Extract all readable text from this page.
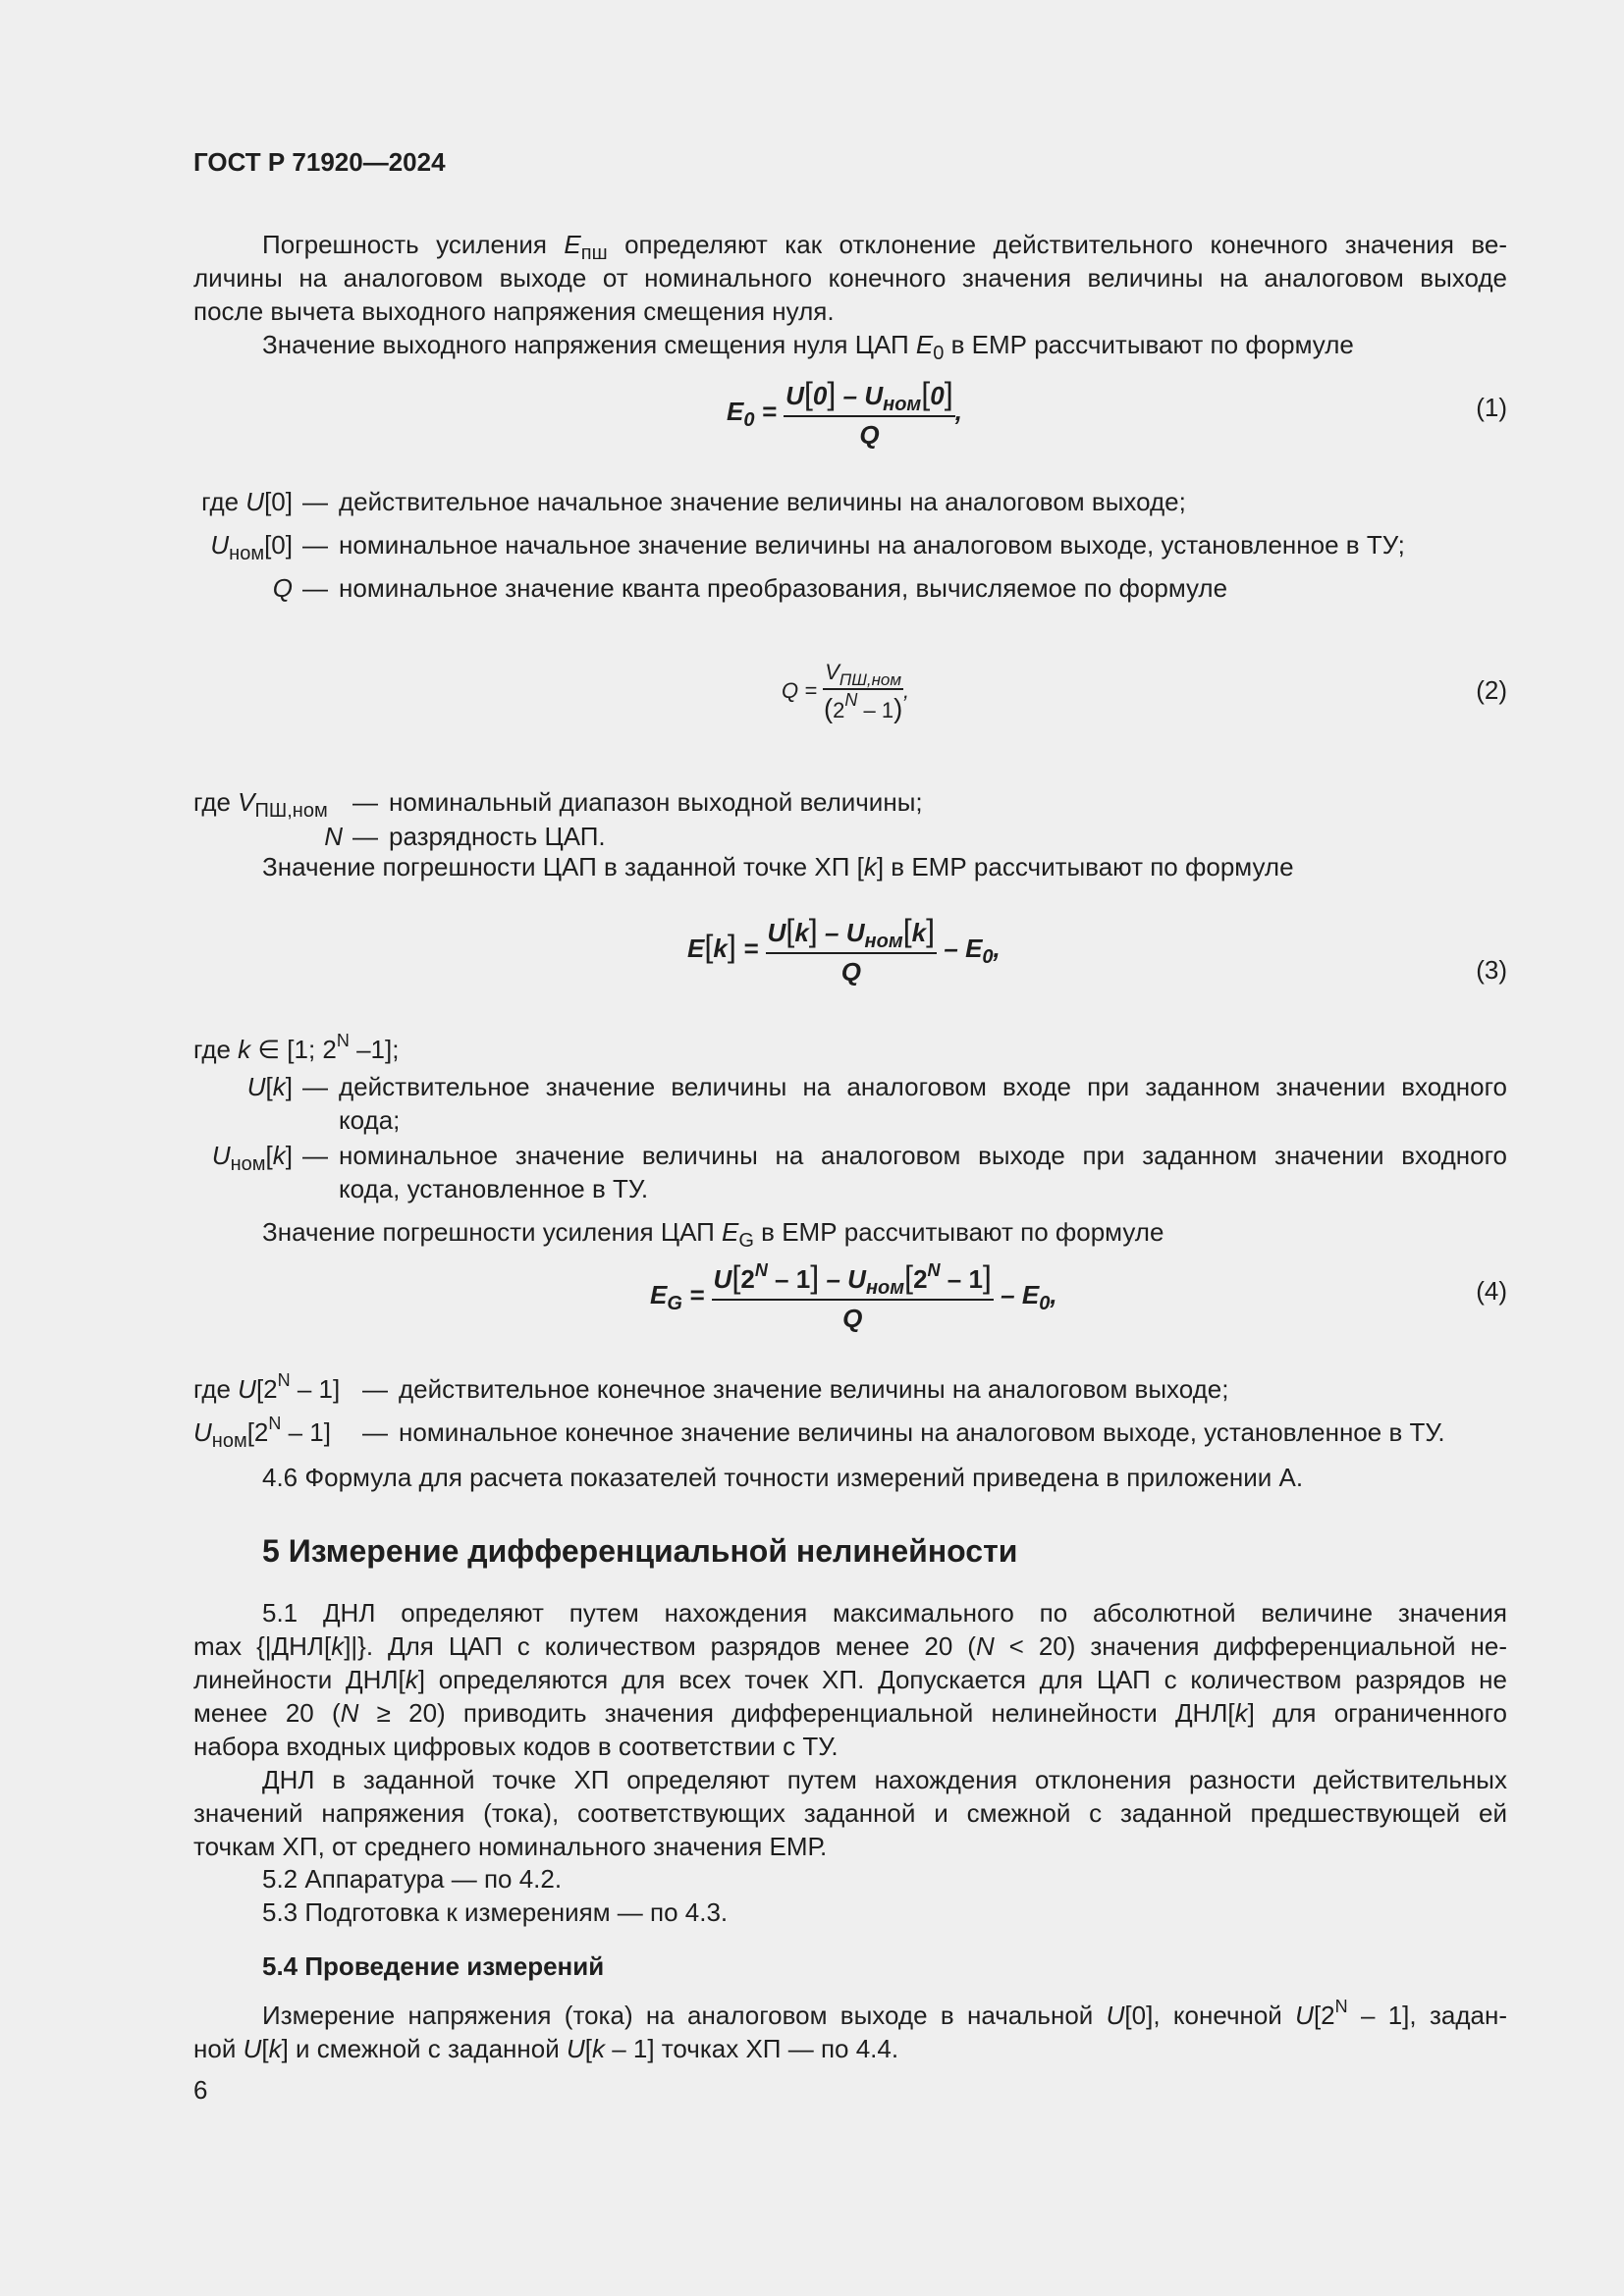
ГОСТ Р 71920—2024
Погрешность усиления $E_{пш}$ определяют как отклонение действительного конечного значения ве-
личины на аналоговом выходе от номинального конечного значения величины на аналоговом выходе
после вычета выходного напряжения смещения нуля.
Значение выходного напряжения смещения нуля ЦАП $E_0$ в ЕМР рассчитывают по формуле
$E_0 = \frac{U[0] - U_{ном}[0]}{Q}$ ,	(1)
где U[0] — действительное начальное значение величины на аналоговом выходе;
$U_{ном}[0]$ — номинальное начальное значение величины на аналоговом выходе, установленное в ТУ;
Q — номинальное значение кванта преобразования, вычисляемое по формуле
$Q = \frac{V_{ПШ,ном}}{(2^N - 1)}$ ,	(2)
где $V_{ПШ,ном}$ — номинальный диапазон выходной величины;
N — разрядность ЦАП.
Значение погрешности ЦАП в заданной точке ХП [k] в ЕМР рассчитывают по формуле
$E[k] = \frac{U[k] - U_{ном}[k]}{Q} - E_0$,
(3)
где k ∈ [1; $2^N$ –1];
U[k] — действительное значение величины на аналоговом входе при заданном значении входного
кода;
$U_{ном}[k]$ — номинальное значение величины на аналоговом выходе при заданном значении входного
кода, установленное в ТУ.
Значение погрешности усиления ЦАП $E_G$ в ЕМР рассчитывают по формуле
$E_G = \frac{U[2^N - 1] - U_{ном}[2^N - 1]}{Q} - E_0$,	(4)
где $U[2^N - 1]$ — действительное конечное значение величины на аналоговом выходе;
$U_{ном}[2^N - 1]$ — номинальное конечное значение величины на аналоговом выходе, установленное в ТУ.
4.6 Формула для расчета показателей точности измерений приведена в приложении А.
5 Измерение дифференциальной нелинейности
5.1 ДНЛ определяют путем нахождения максимального по абсолютной величине значения
max {|ДНЛ[k]|}. Для ЦАП с количеством разрядов менее 20 (N < 20) значения дифференциальной не-
линейности ДНЛ[k] определяются для всех точек ХП. Допускается для ЦАП с количеством разрядов не
менее 20 (N ≥ 20) приводить значения дифференциальной нелинейности ДНЛ[k] для ограниченного
набора входных цифровых кодов в соответствии с ТУ.
ДНЛ в заданной точке ХП определяют путем нахождения отклонения разности действительных
значений напряжения (тока), соответствующих заданной и смежной с заданной предшествующей ей
точкам ХП, от среднего номинального значения ЕМР.
5.2 Аппаратура — по 4.2.
5.3 Подготовка к измерениям — по 4.3.
5.4 Проведение измерений
Измерение напряжения (тока) на аналоговом выходе в начальной U[0], конечной $U[2^N - 1]$, задан-
ной U[k] и смежной с заданной U[k – 1] точках ХП — по 4.4.
6
